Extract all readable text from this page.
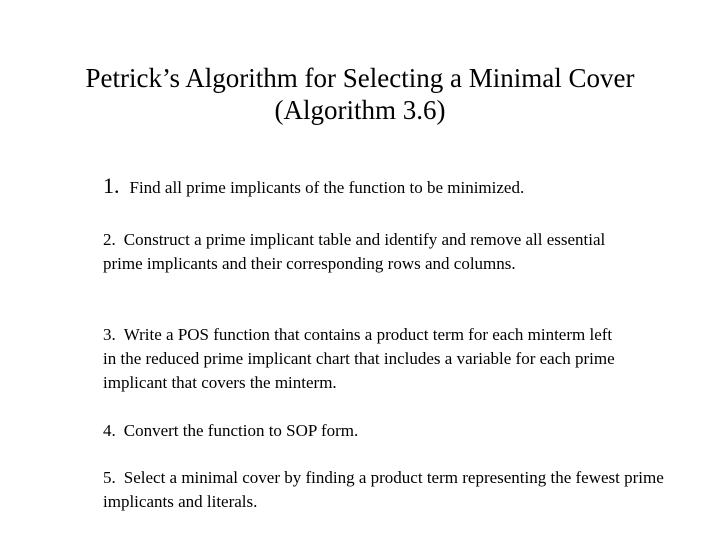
Petrick’s Algorithm for Selecting a Minimal Cover
(Algorithm 3.6)
1. Find all prime implicants of the function to be minimized.
2. Construct a prime implicant table and identify and remove all essential prime implicants and their corresponding rows and columns.
3. Write a POS function that contains a product term for each minterm left in the reduced prime implicant chart that includes a variable for each prime implicant that covers the minterm.
4. Convert the function to SOP form.
5. Select a minimal cover by finding a product term representing the fewest prime implicants and literals.
